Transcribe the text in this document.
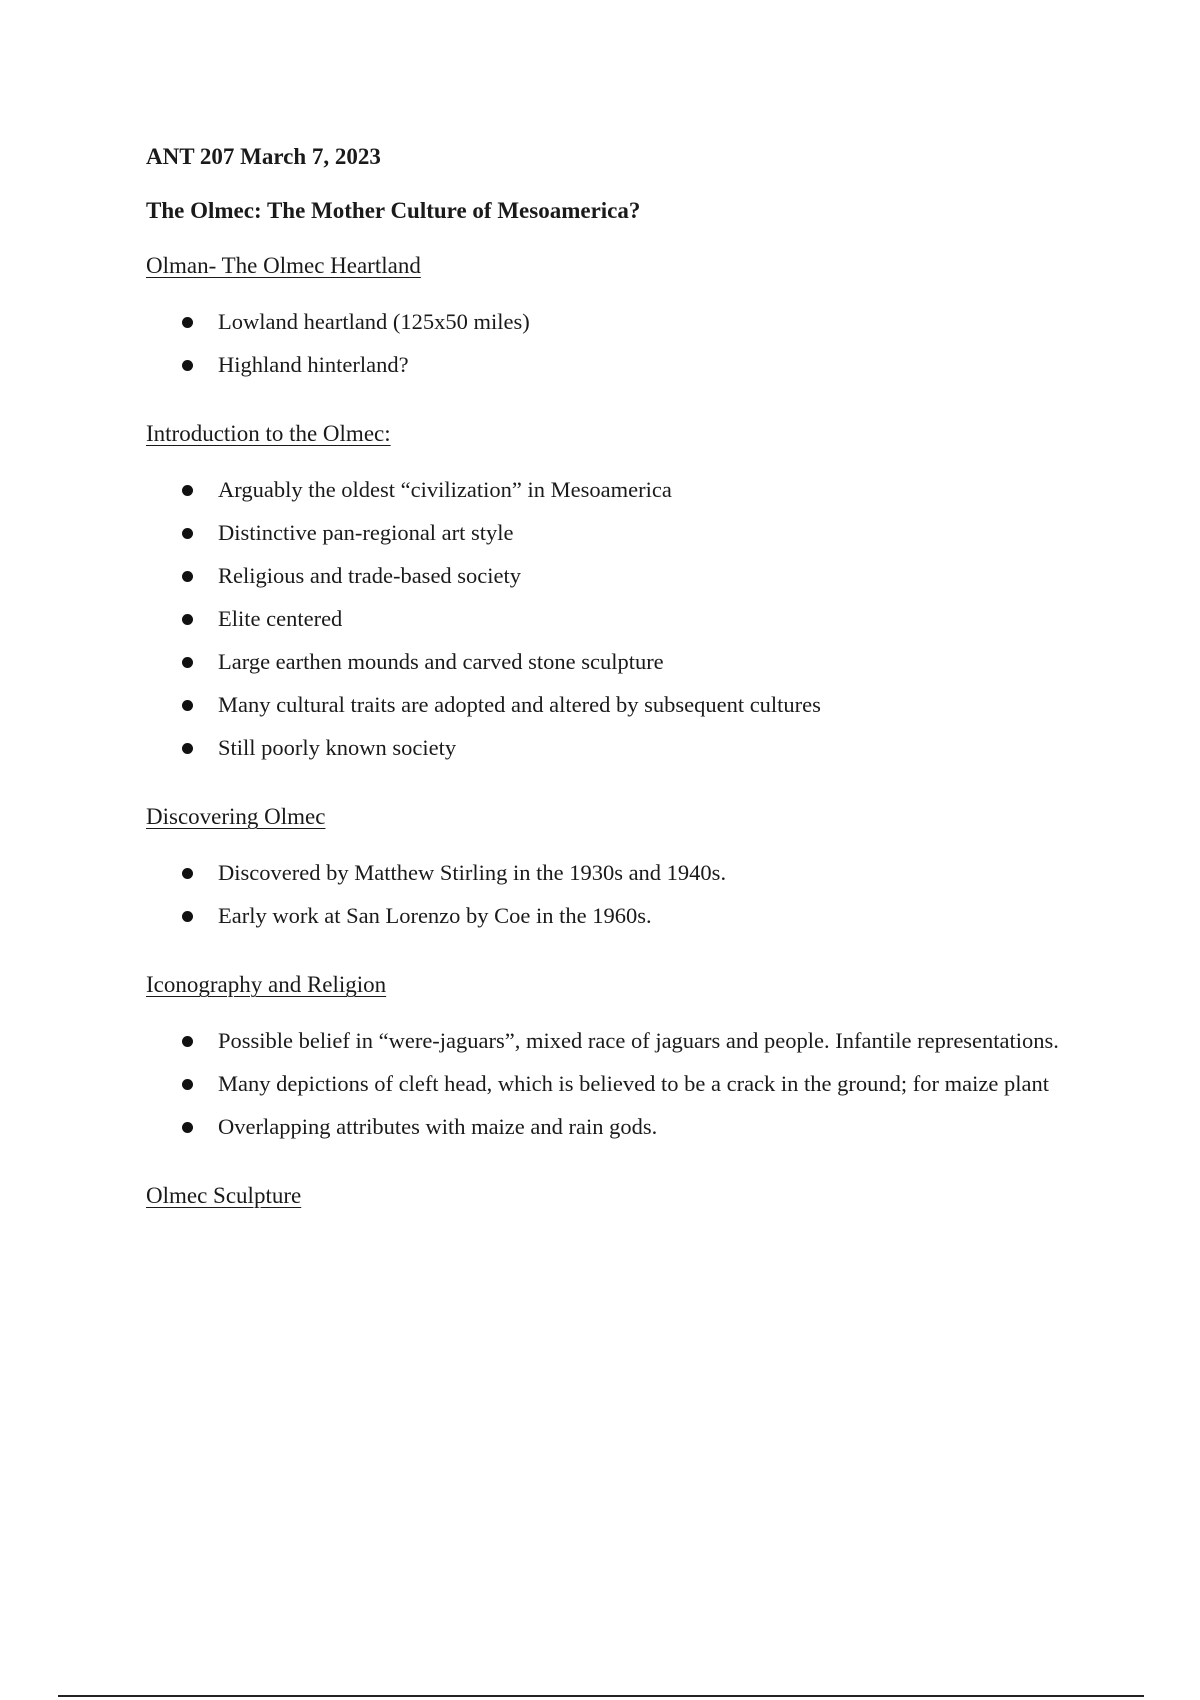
ANT 207 March 7, 2023

The Olmec: The Mother Culture of Mesoamerica?

Olman- The Olmec Heartland

Lowland heartland (125x50 miles)
Highland hinterland?

Introduction to the Olmec:

Arguably the oldest “civilization” in Mesoamerica
Distinctive pan-regional art style
Religious and trade-based society
Elite centered
Large earthen mounds and carved stone sculpture
Many cultural traits are adopted and altered by subsequent cultures
Still poorly known society

Discovering Olmec

Discovered by Matthew Stirling in the 1930s and 1940s.
Early work at San Lorenzo by Coe in the 1960s.

Iconography and Religion

Possible belief in “were-jaguars”, mixed race of jaguars and people. Infantile representations.
Many depictions of cleft head, which is believed to be a crack in the ground; for maize plant
Overlapping attributes with maize and rain gods.

Olmec Sculpture
